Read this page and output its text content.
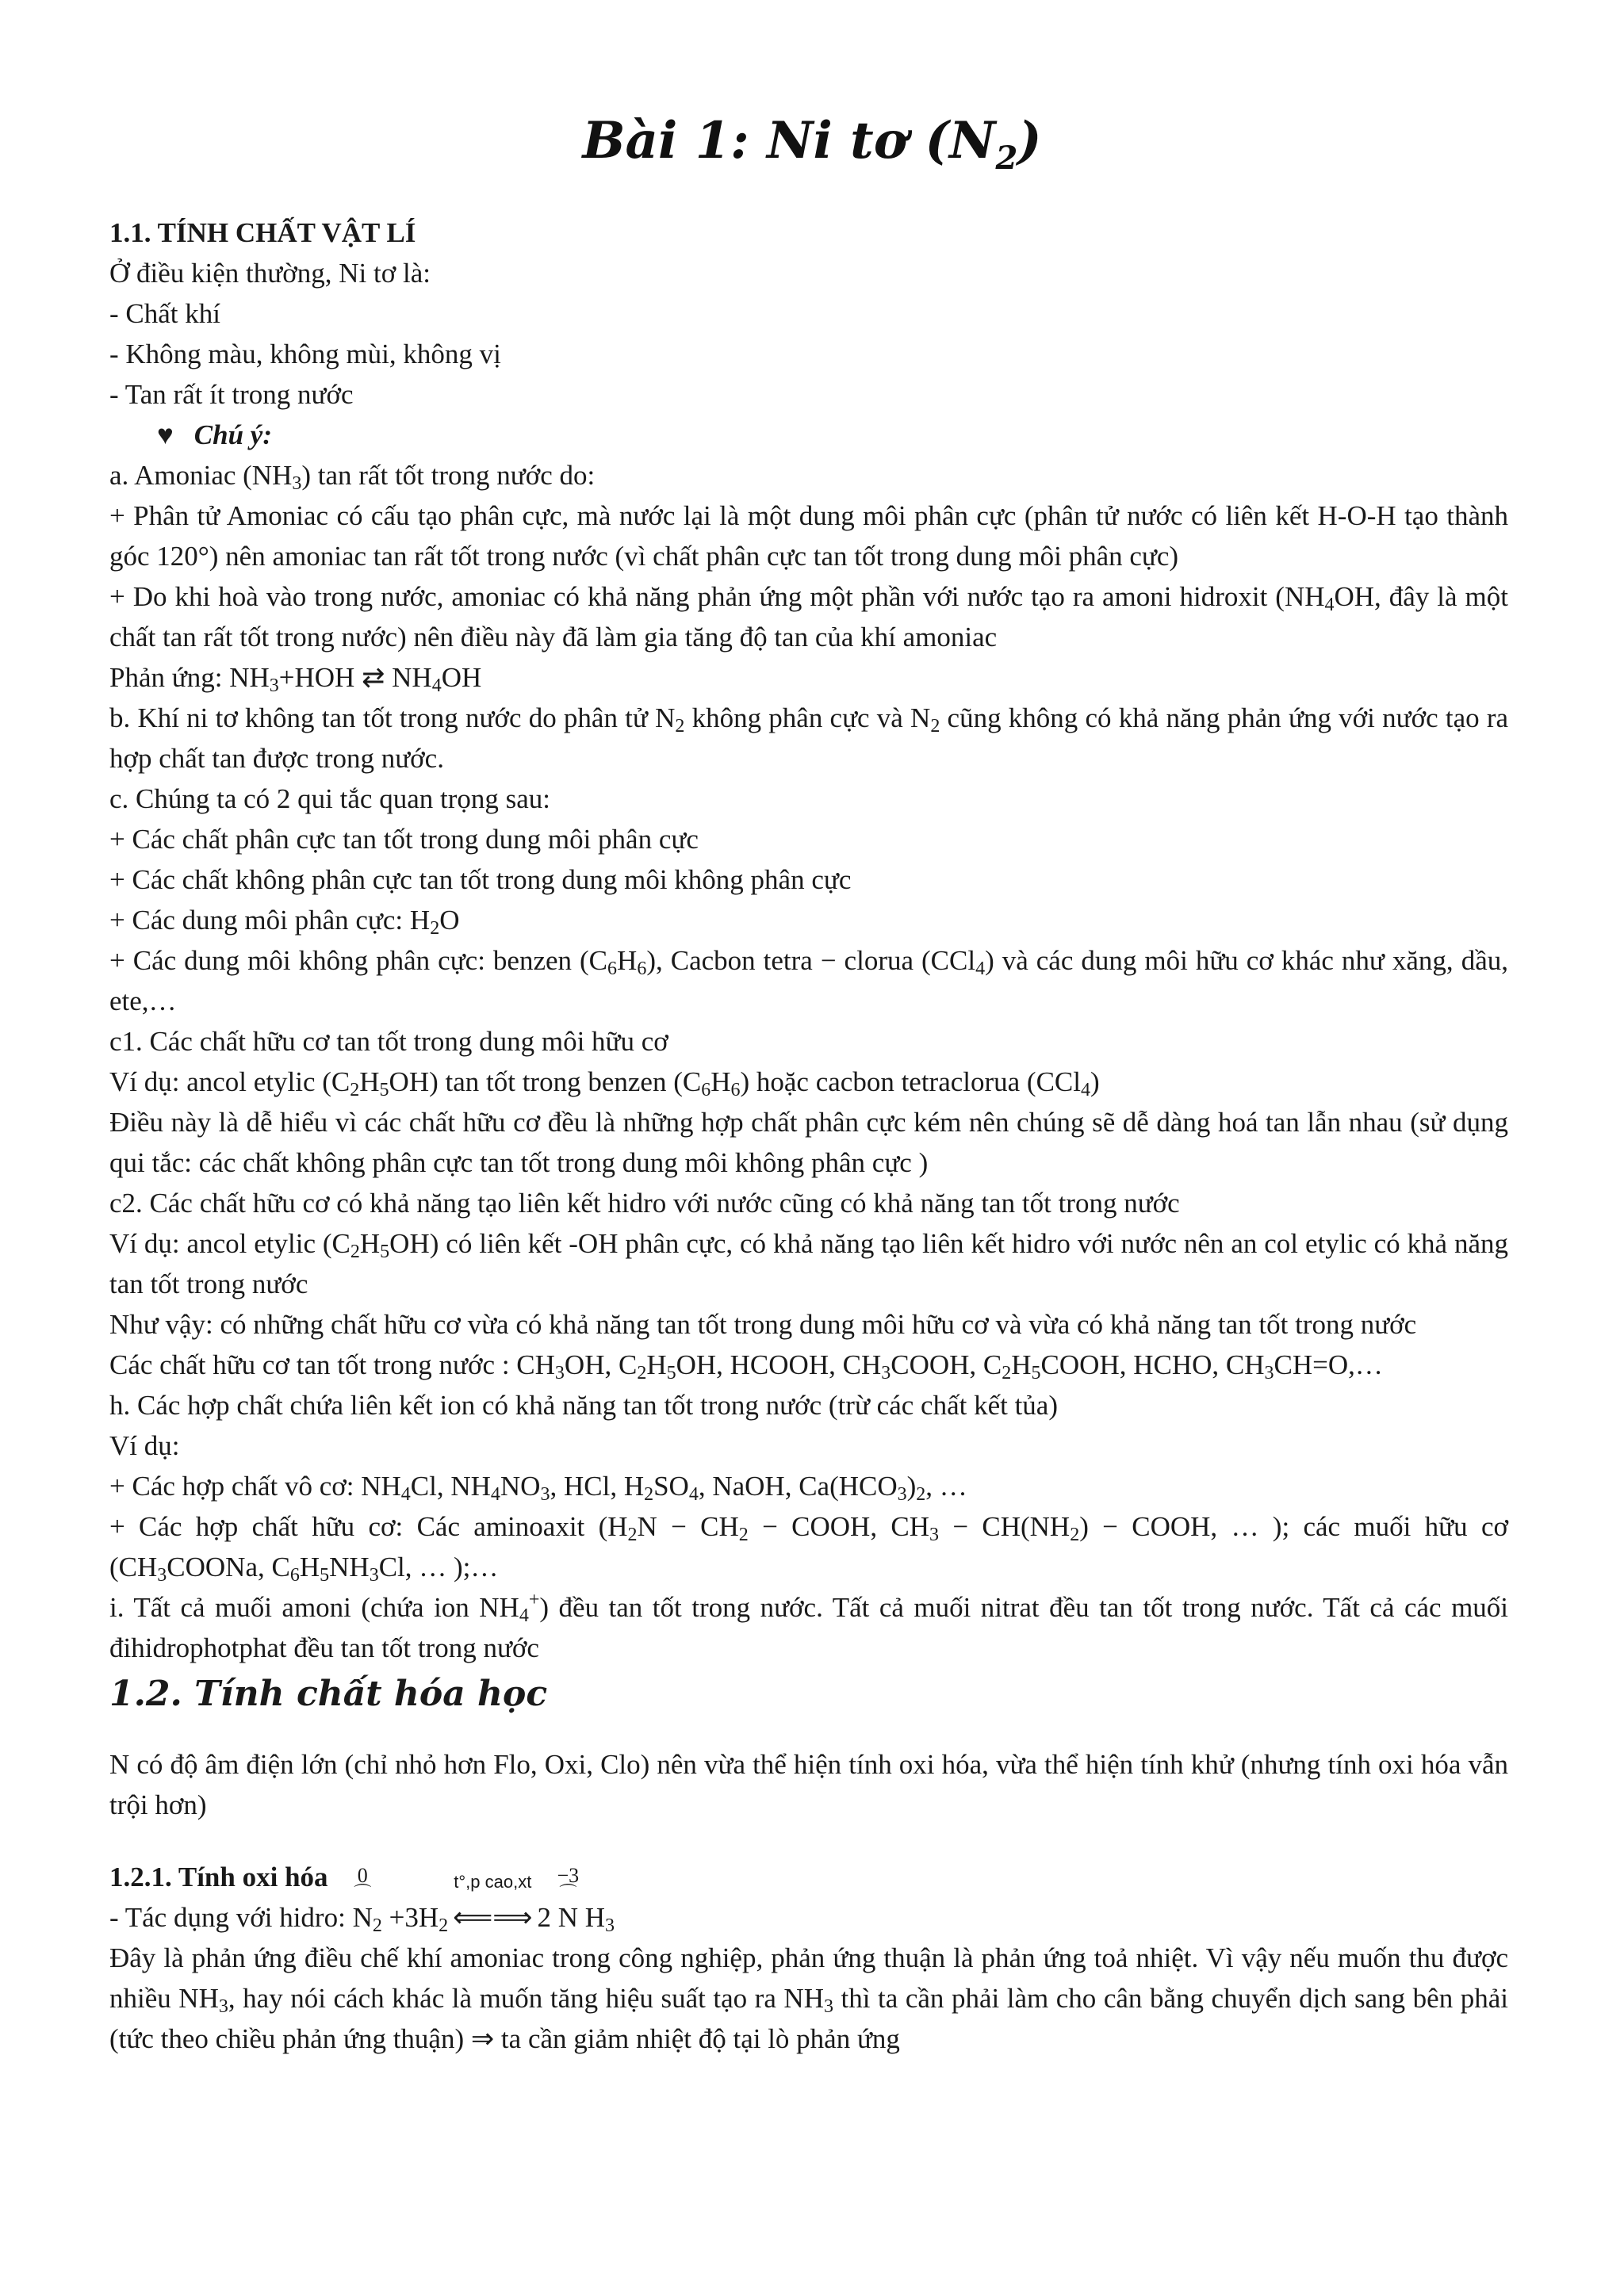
Bài 1: Ni tơ $(N_2)$

1.1. TÍNH CHẤT VẬT LÍ

Ở điều kiện thường, Ni tơ là:

- Chất khí

- Không màu, không mùi, không vị

- Tan rất ít trong nước

♥ Chú ý:

a. Amoniac $(NH_3)$ tan rất tốt trong nước do:

+ Phân tử Amoniac có cấu tạo phân cực, mà nước lại là một dung môi phân cực (phân tử nước có liên kết H-O-H tạo thành góc 120°) nên amoniac tan rất tốt trong nước (vì chất phân cực tan tốt trong dung môi phân cực)

+ Do khi hoà vào trong nước, amoniac có khả năng phản ứng một phần với nước tạo ra amoni hidroxit ($NH_4OH$, đây là một chất tan rất tốt trong nước) nên điều này đã làm gia tăng độ tan của khí amoniac

Phản ứng: $NH_3+HOH$ ⇄ $NH_4OH$

b. Khí ni tơ không tan tốt trong nước do phân tử $N_2$ không phân cực và $N_2$ cũng không có khả năng phản ứng với nước tạo ra hợp chất tan được trong nước.

c. Chúng ta có 2 qui tắc quan trọng sau:

+ Các chất phân cực tan tốt trong dung môi phân cực

+ Các chất không phân cực tan tốt trong dung môi không phân cực

+ Các dung môi phân cực: $H_2O$

+ Các dung môi không phân cực: benzen $(C_6H_6)$, Cacbon tetra − clorua (CCl$_4$) và các dung môi hữu cơ khác như xăng, dầu, ete,…

c1. Các chất hữu cơ tan tốt trong dung môi hữu cơ

Ví dụ: ancol etylic $(C_2H_5OH)$ tan tốt trong benzen $(C_6H_6)$ hoặc cacbon tetraclorua (CCl$_4$)

Điều này là dễ hiểu vì các chất hữu cơ đều là những hợp chất phân cực kém nên chúng sẽ dễ dàng hoá tan lẫn nhau (sử dụng qui tắc: các chất không phân cực tan tốt trong dung môi không phân cực )

c2. Các chất hữu cơ có khả năng tạo liên kết hidro với nước cũng có khả năng tan tốt trong nước

Ví dụ: ancol etylic $(C_2H_5OH)$ có liên kết -OH phân cực, có khả năng tạo liên kết hidro với nước nên an col etylic có khả năng tan tốt trong nước

Như vậy: có những chất hữu cơ vừa có khả năng tan tốt trong dung môi hữu cơ và vừa có khả năng tan tốt trong nước

Các chất hữu cơ tan tốt trong nước : $CH_3OH$, $C_2H_5OH$, HCOOH, $CH_3COOH$, $C_2H_5COOH$, HCHO, $CH_3CH=O,\dots$

h. Các hợp chất chứa liên kết ion có khả năng tan tốt trong nước (trừ các chất kết tủa)

Ví dụ:

+ Các hợp chất vô cơ: $NH_4Cl$, $NH_4NO_3$, HCl, $H_2SO_4$, NaOH, $Ca(HCO_3)_2$, …

+ Các hợp chất hữu cơ: Các aminoaxit ($H_2N - CH_2$ − COOH, $CH_3 - CH(NH_2)$ − COOH, … ); các muối hữu cơ ($CH_3COONa$, $C_6H_5NH_3Cl$, … );…

i. Tất cả muối amoni (chứa ion $NH_4^+$) đều tan tốt trong nước. Tất cả muối nitrat đều tan tốt trong nước. Tất cả các muối đihidrophotphat đều tan tốt trong nước

1.2. Tính chất hóa học

N có độ âm điện lớn (chỉ nhỏ hơn Flo, Oxi, Clo) nên vừa thể hiện tính oxi hóa, vừa thể hiện tính khử (nhưng tính oxi hóa vẫn trội hơn)

1.2.1. Tính oxi hóa

- Tác dụng với hidro:
0
⌒
$N_2 +3H_2$
t°,p cao,xt
⟸⟹ 2
−3
⌒
N $H_3$

Đây là phản ứng điều chế khí amoniac trong công nghiệp, phản ứng thuận là phản ứng toả nhiệt. Vì vậy nếu muốn thu được nhiều $NH_3$, hay nói cách khác là muốn tăng hiệu suất tạo ra $NH_3$ thì ta cần phải làm cho cân bằng chuyển dịch sang bên phải (tức theo chiều phản ứng thuận) ⇒ ta cần giảm nhiệt độ tại lò phản ứng
